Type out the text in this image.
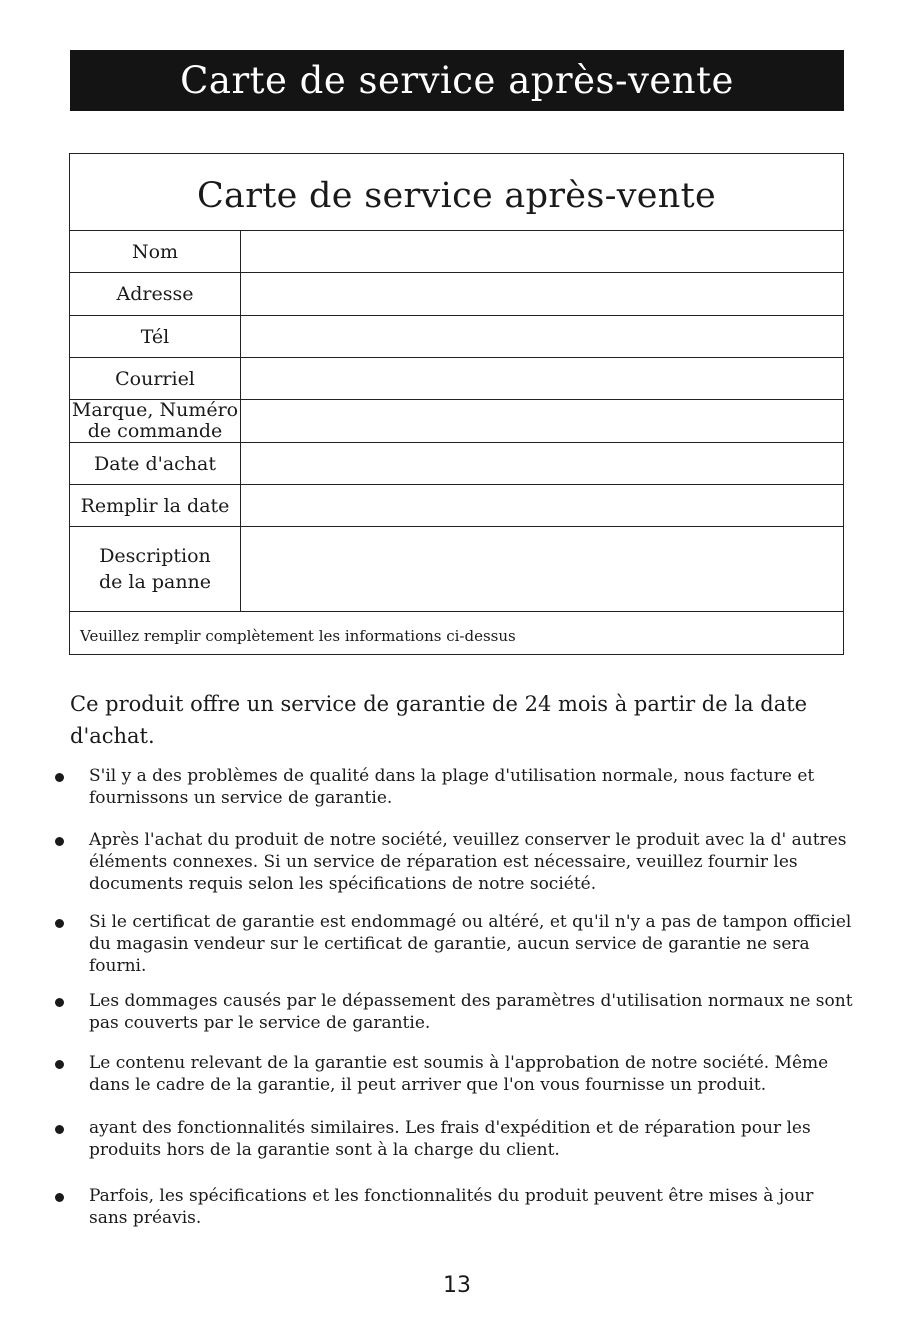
Carte de service après-vente
Carte de service après-vente
Nom
Adresse
Tél
Courriel
Marque, Numéro de commande
Date d'achat
Remplir la date
Description de la panne
Veuillez remplir complètement les informations ci-dessus
Ce produit offre un service de garantie de 24 mois à partir de la date d'achat.
S'il y a des problèmes de qualité dans la plage d'utilisation normale, nous facture et fournissons un service de garantie.
Après l'achat du produit de notre société, veuillez conserver le produit avec la d' autres éléments connexes. Si un service de réparation est nécessaire, veuillez fournir les documents requis selon les spécifications de notre société.
Si le certificat de garantie est endommagé ou altéré, et qu'il n'y a pas de tampon officiel du magasin vendeur sur le certificat de garantie, aucun service de garantie ne sera fourni.
Les dommages causés par le dépassement des paramètres d'utilisation normaux ne sont pas couverts par le service de garantie.
Le contenu relevant de la garantie est soumis à l'approbation de notre société. Même dans le cadre de la garantie, il peut arriver que l'on vous fournisse un produit.
ayant des fonctionnalités similaires. Les frais d'expédition et de réparation pour les produits hors de la garantie sont à la charge du client.
Parfois, les spécifications et les fonctionnalités du produit peuvent être mises à jour sans préavis.
13
